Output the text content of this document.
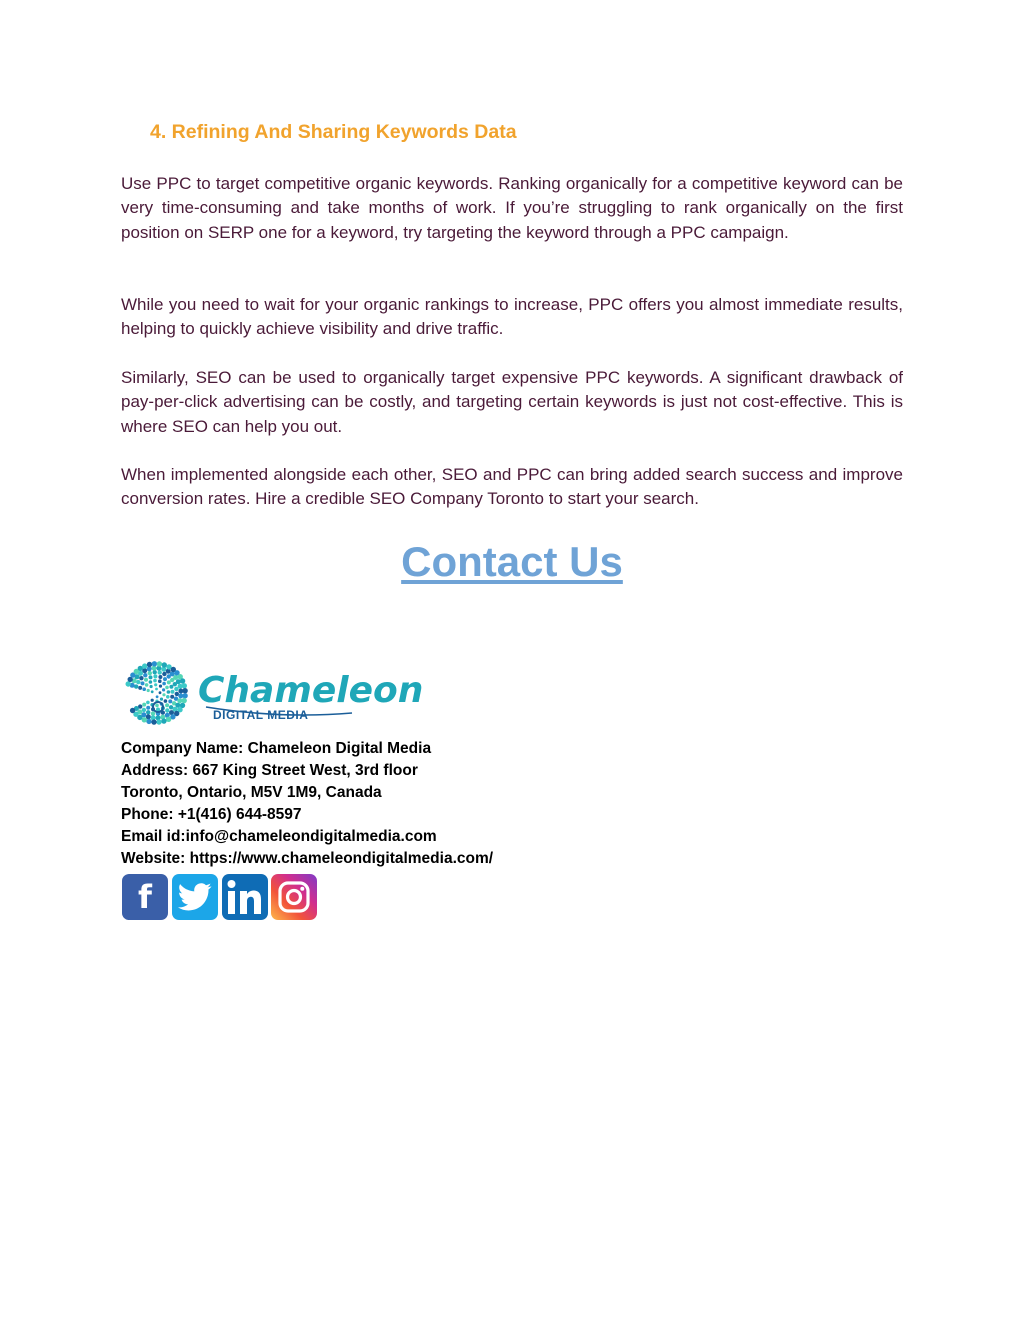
4. Refining And Sharing Keywords Data

Use PPC to target competitive organic keywords. Ranking organically for a competitive keyword can be very time-consuming and take months of work. If you’re struggling to rank organically on the first position on SERP one for a keyword, try targeting the keyword through a PPC campaign.

While you need to wait for your organic rankings to increase, PPC offers you almost immediate results, helping to quickly achieve visibility and drive traffic.

Similarly, SEO can be used to organically target expensive PPC keywords. A significant drawback of pay-per-click advertising can be costly, and targeting certain keywords is just not cost-effective. This is where SEO can help you out.

When implemented alongside each other, SEO and PPC can bring added search success and improve conversion rates. Hire a credible SEO Company Toronto to start your search.

Contact Us
Chameleon
DIGITAL MEDIA
Company Name: Chameleon Digital Media
Address: 667 King Street West, 3rd floor
Toronto, Ontario, M5V 1M9, Canada
Phone: +1(416) 644-8597
Email id:info@chameleondigitalmedia.com
Website: https://www.chameleondigitalmedia.com/
f
